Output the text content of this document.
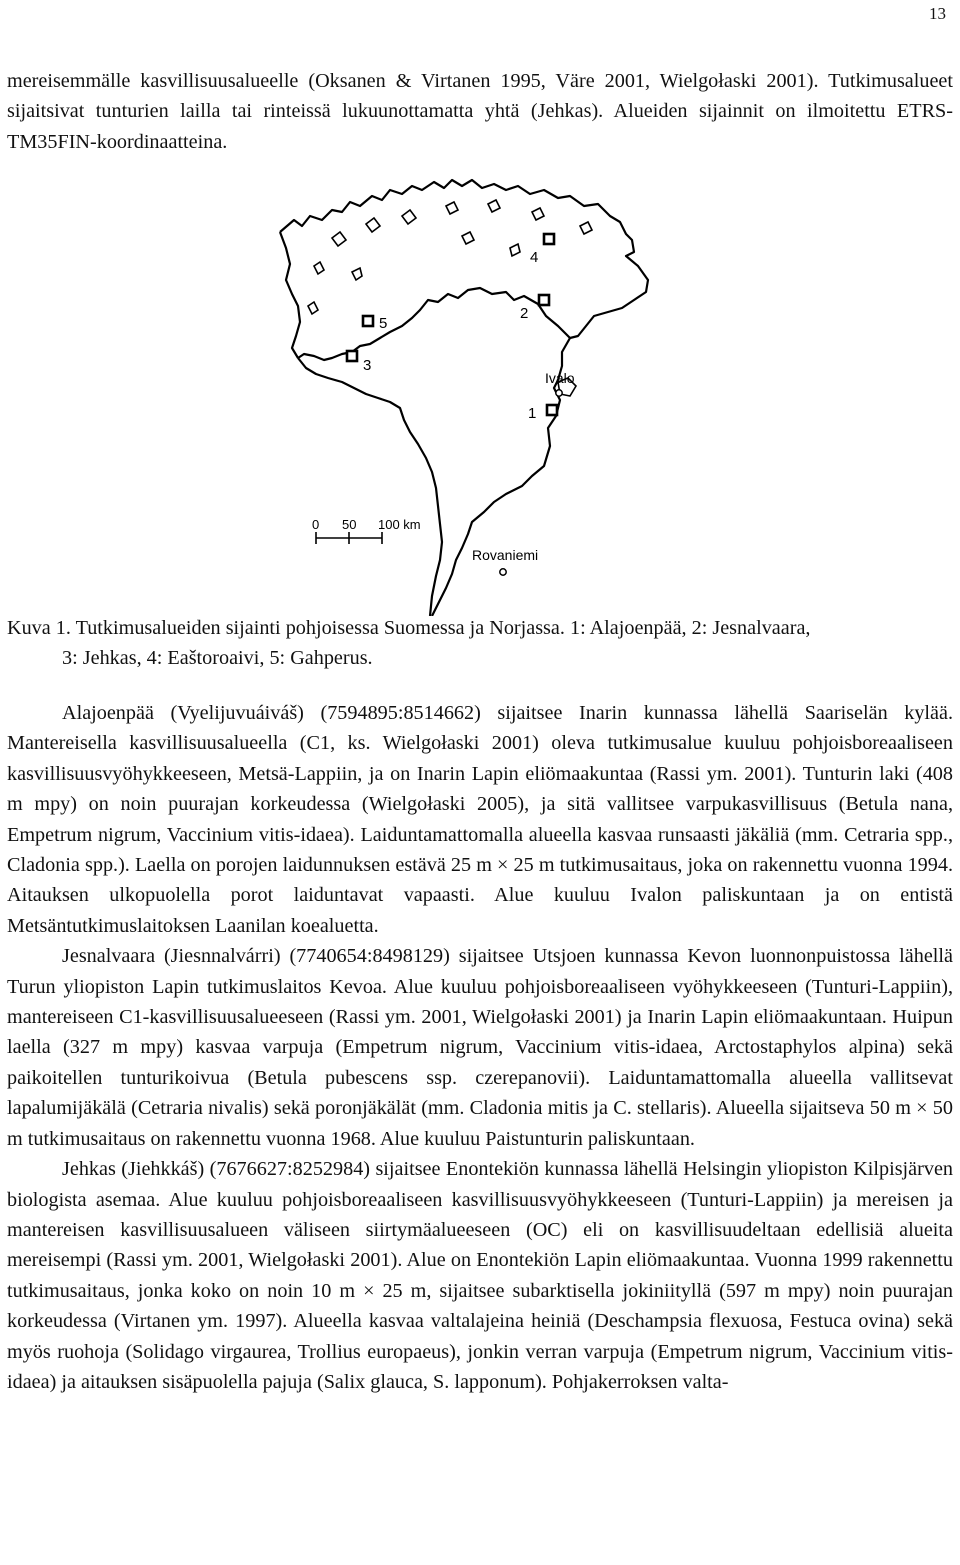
13

mereisemmälle kasvillisuusalueelle (Oksanen & Virtanen 1995, Väre 2001, Wielgołaski 2001). Tutkimusalueet sijaitsivat tunturien lailla tai rinteissä lukuunottamatta yhtä (Jehkas). Alueiden sijainnit on ilmoitettu ETRS-TM35FIN-koordinaatteina.

4
2
5
3
1
Ivalo
Rovaniemi
0 50 100 km

Kuva 1. Tutkimusalueiden sijainti pohjoisessa Suomessa ja Norjassa. 1: Alajoenpää, 2: Jesnalvaara,

3: Jehkas, 4: Eaštoroaivi, 5: Gahperus.

Alajoenpää (Vyelijuvuáiváš) (7594895:8514662) sijaitsee Inarin kunnassa lähellä Saariselän kylää. Mantereisella kasvillisuusalueella (C1, ks. Wielgołaski 2001) oleva tutkimusalue kuuluu pohjoisboreaaliseen kasvillisuusvyöhykkeeseen, Metsä-Lappiin, ja on Inarin Lapin eliömaakuntaa (Rassi ym. 2001). Tunturin laki (408 m mpy) on noin puurajan korkeudessa (Wielgołaski 2005), ja sitä vallitsee varpukasvillisuus (Betula nana, Empetrum nigrum, Vaccinium vitis-idaea). Laiduntamattomalla alueella kasvaa runsaasti jäkäliä (mm. Cetraria spp., Cladonia spp.). Laella on porojen laidunnuksen estävä 25 m × 25 m tutkimusaitaus, joka on rakennettu vuonna 1994. Aitauksen ulkopuolella porot laiduntavat vapaasti. Alue kuuluu Ivalon paliskuntaan ja on entistä Metsäntutkimuslaitoksen Laanilan koealuetta.

Jesnalvaara (Jiesnnalvárri) (7740654:8498129) sijaitsee Utsjoen kunnassa Kevon luonnonpuistossa lähellä Turun yliopiston Lapin tutkimuslaitos Kevoa. Alue kuuluu pohjoisboreaaliseen vyöhykkeeseen (Tunturi-Lappiin), mantereiseen C1-kasvillisuusalueeseen (Rassi ym. 2001, Wielgołaski 2001) ja Inarin Lapin eliömaakuntaan. Huipun laella (327 m mpy) kasvaa varpuja (Empetrum nigrum, Vaccinium vitis-idaea, Arctostaphylos alpina) sekä paikoitellen tunturikoivua (Betula pubescens ssp. czerepanovii). Laiduntamattomalla alueella vallitsevat lapalumijäkälä (Cetraria nivalis) sekä poronjäkälät (mm. Cladonia mitis ja C. stellaris). Alueella sijaitseva 50 m × 50 m tutkimusaitaus on rakennettu vuonna 1968. Alue kuuluu Paistunturin paliskuntaan.

Jehkas (Jiehkkáš) (7676627:8252984) sijaitsee Enontekiön kunnassa lähellä Helsingin yliopiston Kilpisjärven biologista asemaa. Alue kuuluu pohjoisboreaaliseen kasvillisuusvyöhykkeeseen (Tunturi-Lappiin) ja mereisen ja mantereisen kasvillisuusalueen väliseen siirtymäalueeseen (OC) eli on kasvillisuudeltaan edellisiä alueita mereisempi (Rassi ym. 2001, Wielgołaski 2001). Alue on Enontekiön Lapin eliömaakuntaa. Vuonna 1999 rakennettu tutkimusaitaus, jonka koko on noin 10 m × 25 m, sijaitsee subarktisella jokiniityllä (597 m mpy) noin puurajan korkeudessa (Virtanen ym. 1997). Alueella kasvaa valtalajeina heiniä (Deschampsia flexuosa, Festuca ovina) sekä myös ruohoja (Solidago virgaurea, Trollius europaeus), jonkin verran varpuja (Empetrum nigrum, Vaccinium vitis-idaea) ja aitauksen sisäpuolella pajuja (Salix glauca, S. lapponum). Pohjakerroksen valta-
